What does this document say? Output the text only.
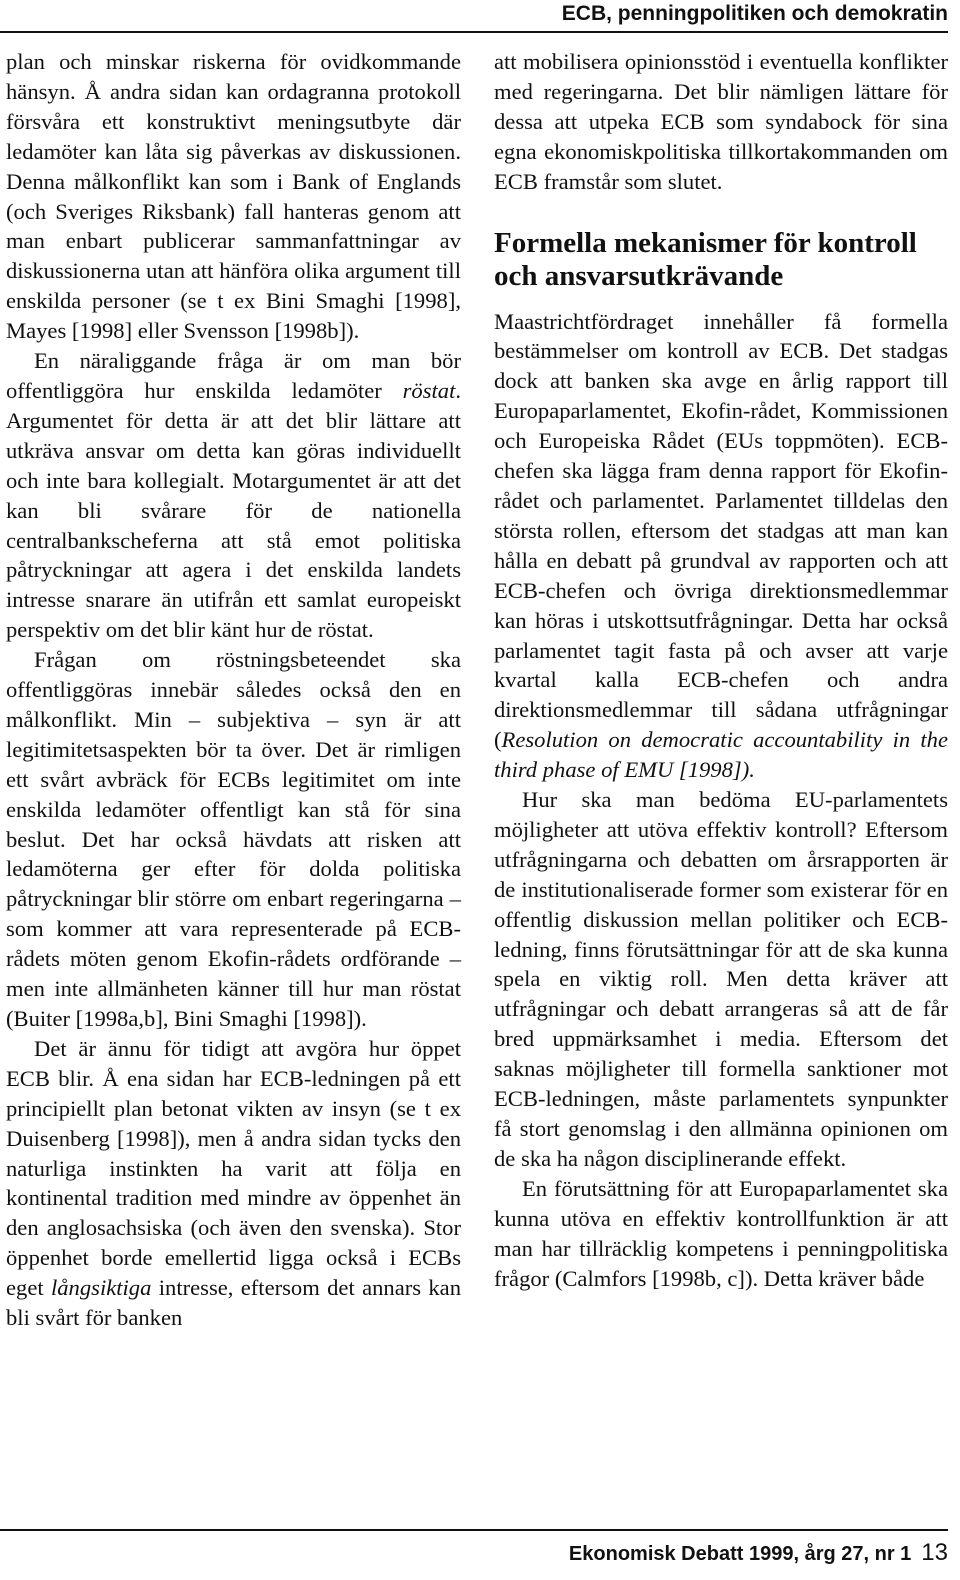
ECB, penningpolitiken och demokratin

plan och minskar riskerna för ovidkommande hänsyn. Å andra sidan kan ordagranna protokoll försvåra ett konstruktivt meningsutbyte där ledamöter kan låta sig påverkas av diskussionen. Denna målkonflikt kan som i Bank of Englands (och Sveriges Riksbank) fall hanteras genom att man enbart publicerar sammanfattningar av diskussionerna utan att hänföra olika argument till enskilda personer (se t ex Bini Smaghi [1998], Mayes [1998] eller Svensson [1998b]).

En näraliggande fråga är om man bör offentliggöra hur enskilda ledamöter röstat. Argumentet för detta är att det blir lättare att utkräva ansvar om detta kan göras individuellt och inte bara kollegialt. Motargumentet är att det kan bli svårare för de nationella centralbankscheferna att stå emot politiska påtryckningar att agera i det enskilda landets intresse snarare än utifrån ett samlat europeiskt perspektiv om det blir känt hur de röstat.

Frågan om röstningsbeteendet ska offentliggöras innebär således också den en målkonflikt. Min – subjektiva – syn är att legitimitetsaspekten bör ta över. Det är rimligen ett svårt avbräck för ECBs legitimitet om inte enskilda ledamöter offentligt kan stå för sina beslut. Det har också hävdats att risken att ledamöterna ger efter för dolda politiska påtryckningar blir större om enbart regeringarna – som kommer att vara representerade på ECB-rådets möten genom Ekofin-rådets ordförande – men inte allmänheten känner till hur man röstat (Buiter [1998a,b], Bini Smaghi [1998]).

Det är ännu för tidigt att avgöra hur öppet ECB blir. Å ena sidan har ECB-ledningen på ett principiellt plan betonat vikten av insyn (se t ex Duisenberg [1998]), men å andra sidan tycks den naturliga instinkten ha varit att följa en kontinental tradition med mindre av öppenhet än den anglosachsiska (och även den svenska). Stor öppenhet borde emellertid ligga också i ECBs eget långsiktiga intresse, eftersom det annars kan bli svårt för banken

att mobilisera opinionsstöd i eventuella konflikter med regeringarna. Det blir nämligen lättare för dessa att utpeka ECB som syndabock för sina egna ekonomiskpolitiska tillkortakommanden om ECB framstår som slutet.

Formella mekanismer för kontroll och ansvarsutkrävande

Maastrichtfördraget innehåller få formella bestämmelser om kontroll av ECB. Det stadgas dock att banken ska avge en årlig rapport till Europaparlamentet, Ekofin-rådet, Kommissionen och Europeiska Rådet (EUs toppmöten). ECB-chefen ska lägga fram denna rapport för Ekofin-rådet och parlamentet. Parlamentet tilldelas den största rollen, eftersom det stadgas att man kan hålla en debatt på grundval av rapporten och att ECB-chefen och övriga direktionsmedlemmar kan höras i utskottsutfrågningar. Detta har också parlamentet tagit fasta på och avser att varje kvartal kalla ECB-chefen och andra direktionsmedlemmar till sådana utfrågningar (Resolution on democratic accountability in the third phase of EMU [1998]).

Hur ska man bedöma EU-parlamentets möjligheter att utöva effektiv kontroll? Eftersom utfrågningarna och debatten om årsrapporten är de institutionaliserade former som existerar för en offentlig diskussion mellan politiker och ECB-ledning, finns förutsättningar för att de ska kunna spela en viktig roll. Men detta kräver att utfrågningar och debatt arrangeras så att de får bred uppmärksamhet i media. Eftersom det saknas möjligheter till formella sanktioner mot ECB-ledningen, måste parlamentets synpunkter få stort genomslag i den allmänna opinionen om de ska ha någon disciplinerande effekt.

En förutsättning för att Europaparlamentet ska kunna utöva en effektiv kontrollfunktion är att man har tillräcklig kompetens i penningpolitiska frågor (Calmfors [1998b, c]). Detta kräver både

Ekonomisk Debatt 1999, årg 27, nr 1 13
